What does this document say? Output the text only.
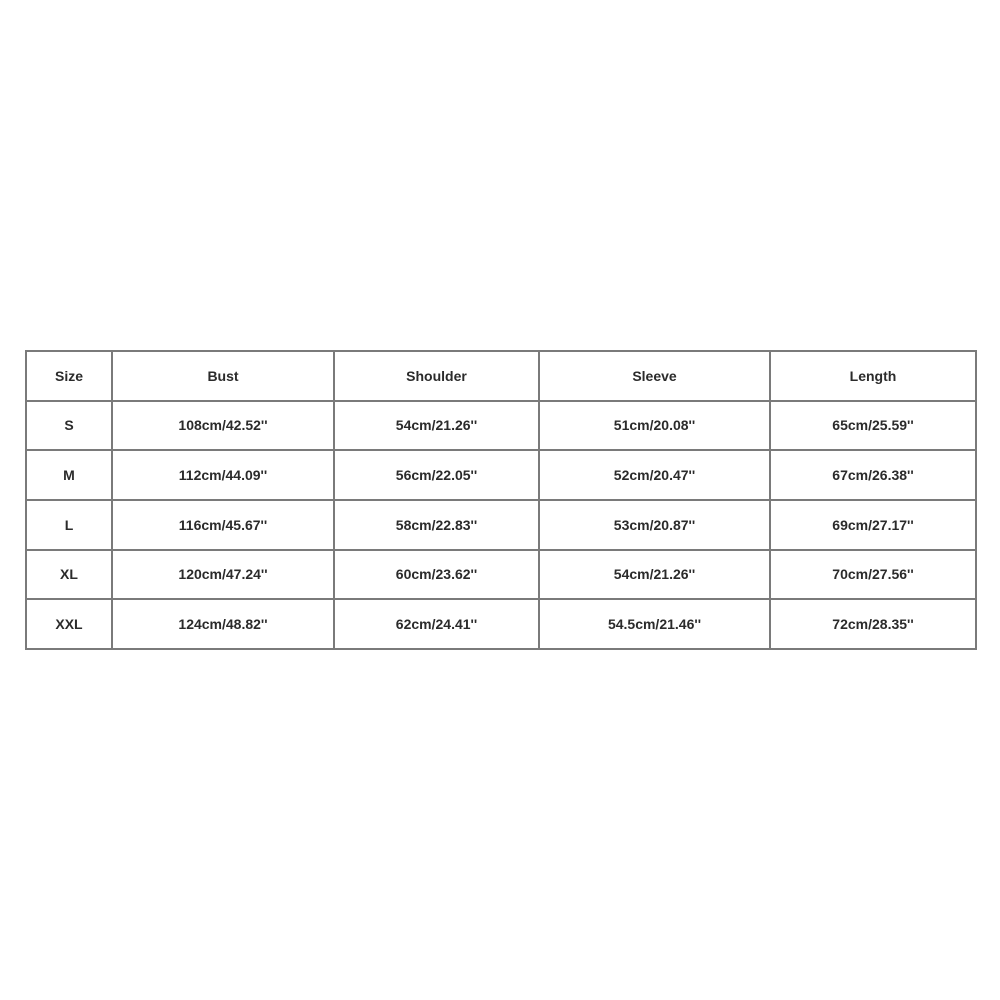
Size	Bust	Shoulder	Sleeve	Length
S	108cm/42.52''	54cm/21.26''	51cm/20.08''	65cm/25.59''
M	112cm/44.09''	56cm/22.05''	52cm/20.47''	67cm/26.38''
L	116cm/45.67''	58cm/22.83''	53cm/20.87''	69cm/27.17''
XL	120cm/47.24''	60cm/23.62''	54cm/21.26''	70cm/27.56''
XXL	124cm/48.82''	62cm/24.41''	54.5cm/21.46''	72cm/28.35''
